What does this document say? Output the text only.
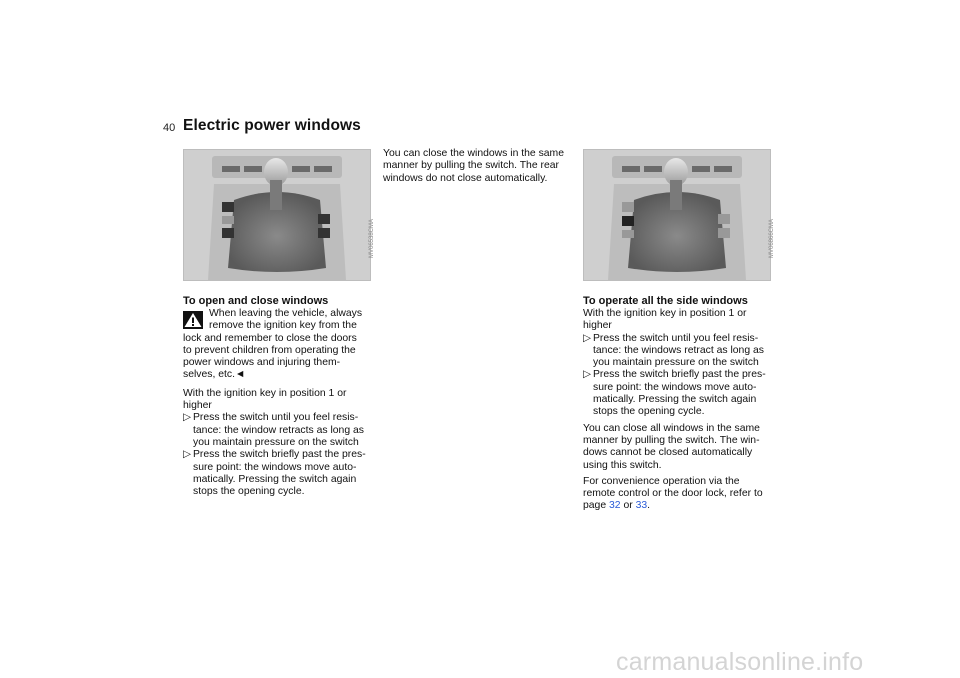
40 Electric power windows
MV06538CMA	MV06866CMA

To open and close windows

When leaving the vehicle, always

remove the ignition key from the

lock and remember to close the doors

to prevent children from operating the

power windows and injuring them-

selves, etc.◄

With the ignition key in position 1 or

higher

▷ Press the switch until you feel resis-

tance: the window retracts as long as

you maintain pressure on the switch

▷ Press the switch briefly past the pres-

sure point: the windows move auto-

matically. Pressing the switch again

stops the opening cycle.

You can close the windows in the same

manner by pulling the switch. The rear

windows do not close automatically.

To operate all the side windows

With the ignition key in position 1 or

higher

▷ Press the switch until you feel resis-

tance: the windows retract as long as

you maintain pressure on the switch

▷ Press the switch briefly past the pres-

sure point: the windows move auto-

matically. Pressing the switch again

stops the opening cycle.

You can close all windows in the same

manner by pulling the switch. The win-

dows cannot be closed automatically

using this switch.

For convenience operation via the

remote control or the door lock, refer to

page 32 or 33.

carmanualsonline.info
